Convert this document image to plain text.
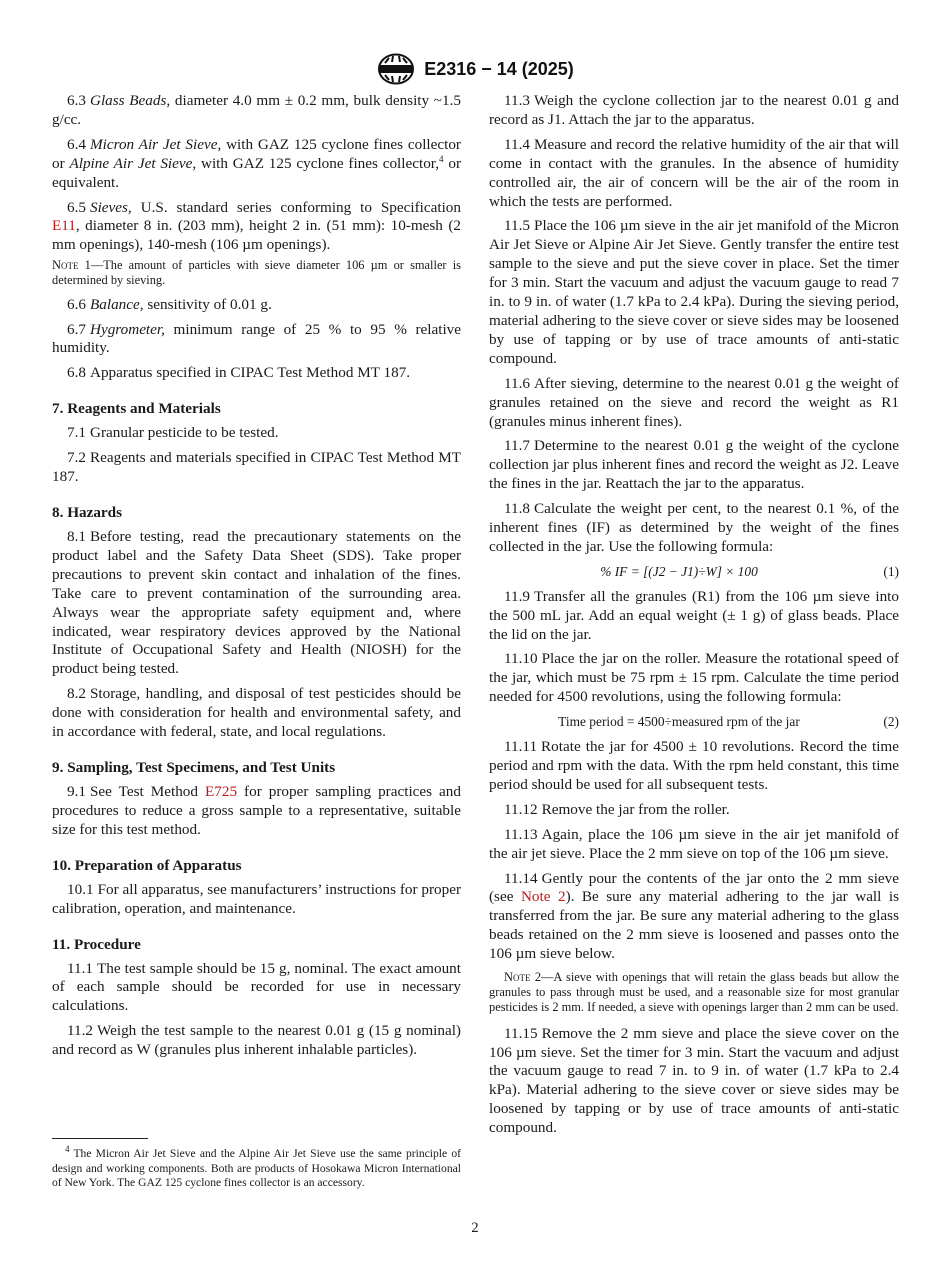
E2316 − 14 (2025)

6.3 Glass Beads, diameter 4.0 mm ± 0.2 mm, bulk density ~1.5 g/cc.

6.4 Micron Air Jet Sieve, with GAZ 125 cyclone fines collector or Alpine Air Jet Sieve, with GAZ 125 cyclone fines collector,$^4$ or equivalent.

6.5 Sieves, U.S. standard series conforming to Specification E11, diameter 8 in. (203 mm), height 2 in. (51 mm): 10-mesh (2 mm openings), 140-mesh (106 µm openings).

Note 1—The amount of particles with sieve diameter 106 µm or smaller is determined by sieving.

6.6 Balance, sensitivity of 0.01 g.

6.7 Hygrometer, minimum range of 25 % to 95 % relative humidity.

6.8 Apparatus specified in CIPAC Test Method MT 187.

7. Reagents and Materials

7.1 Granular pesticide to be tested.

7.2 Reagents and materials specified in CIPAC Test Method MT 187.

8. Hazards

8.1 Before testing, read the precautionary statements on the product label and the Safety Data Sheet (SDS). Take proper precautions to prevent skin contact and inhalation of the fines. Take care to prevent contamination of the surrounding area. Always wear the appropriate safety equipment and, where indicated, wear respiratory devices approved by the National Institute of Occupational Safety and Health (NIOSH) for the product being tested.

8.2 Storage, handling, and disposal of test pesticides should be done with consideration for health and environmental safety, and in accordance with federal, state, and local regulations.

9. Sampling, Test Specimens, and Test Units

9.1 See Test Method E725 for proper sampling practices and procedures to reduce a gross sample to a representative, suitable size for this test method.

10. Preparation of Apparatus

10.1 For all apparatus, see manufacturers’ instructions for proper calibration, operation, and maintenance.

11. Procedure

11.1 The test sample should be 15 g, nominal. The exact amount of each sample should be recorded for use in necessary calculations.

11.2 Weigh the test sample to the nearest 0.01 g (15 g nominal) and record as W (granules plus inherent inhalable particles).

11.3 Weigh the cyclone collection jar to the nearest 0.01 g and record as J1. Attach the jar to the apparatus.

11.4 Measure and record the relative humidity of the air that will come in contact with the granules. In the absence of humidity controlled air, the air of concern will be the air of the room in which the tests are performed.

11.5 Place the 106 µm sieve in the air jet manifold of the Micron Air Jet Sieve or Alpine Air Jet Sieve. Gently transfer the entire test sample to the sieve and put the sieve cover in place. Set the timer for 3 min. Start the vacuum and adjust the vacuum gauge to read 7 in. to 9 in. of water (1.7 kPa to 2.4 kPa). During the sieving period, material adhering to the sieve cover or sieve sides may be loosened by use of tapping or by use of trace amounts of anti-static compound.

11.6 After sieving, determine to the nearest 0.01 g the weight of granules retained on the sieve and record the weight as R1 (granules minus inherent fines).

11.7 Determine to the nearest 0.01 g the weight of the cyclone collection jar plus inherent fines and record the weight as J2. Leave the fines in the jar. Reattach the jar to the apparatus.

11.8 Calculate the weight per cent, to the nearest 0.1 %, of the inherent fines (IF) as determined by the weight of the fines collected in the jar. Use the following formula:

% IF = [(J2 − J1)÷W] × 100	(1)

11.9 Transfer all the granules (R1) from the 106 µm sieve into the 500 mL jar. Add an equal weight (± 1 g) of glass beads. Place the lid on the jar.

11.10 Place the jar on the roller. Measure the rotational speed of the jar, which must be 75 rpm ± 15 rpm. Calculate the time period needed for 4500 revolutions, using the following formula:

Time period = 4500÷measured rpm of the jar	(2)

11.11 Rotate the jar for 4500 ± 10 revolutions. Record the time period and rpm with the data. With the rpm held constant, this time period should be used for all subsequent tests.

11.12 Remove the jar from the roller.

11.13 Again, place the 106 µm sieve in the air jet manifold of the air jet sieve. Place the 2 mm sieve on top of the 106 µm sieve.

11.14 Gently pour the contents of the jar onto the 2 mm sieve (see Note 2). Be sure any material adhering to the jar wall is transferred from the jar. Be sure any material adhering to the glass beads retained on the 2 mm sieve is loosened and passes onto the 106 µm sieve below.

Note 2—A sieve with openings that will retain the glass beads but allow the granules to pass through must be used, and a reasonable size for most granular pesticides is 2 mm. If needed, a sieve with openings larger than 2 mm can be used.

11.15 Remove the 2 mm sieve and place the sieve cover on the 106 µm sieve. Set the timer for 3 min. Start the vacuum and adjust the vacuum gauge to read 7 in. to 9 in. of water (1.7 kPa to 2.4 kPa). Material adhering to the sieve cover or sieve sides may be loosened by tapping or by use of trace amounts of anti-static compound.

$^4$ The Micron Air Jet Sieve and the Alpine Air Jet Sieve use the same principle of design and working components. Both are products of Hosokawa Micron International of New York. The GAZ 125 cyclone fines collector is an accessory.
2
